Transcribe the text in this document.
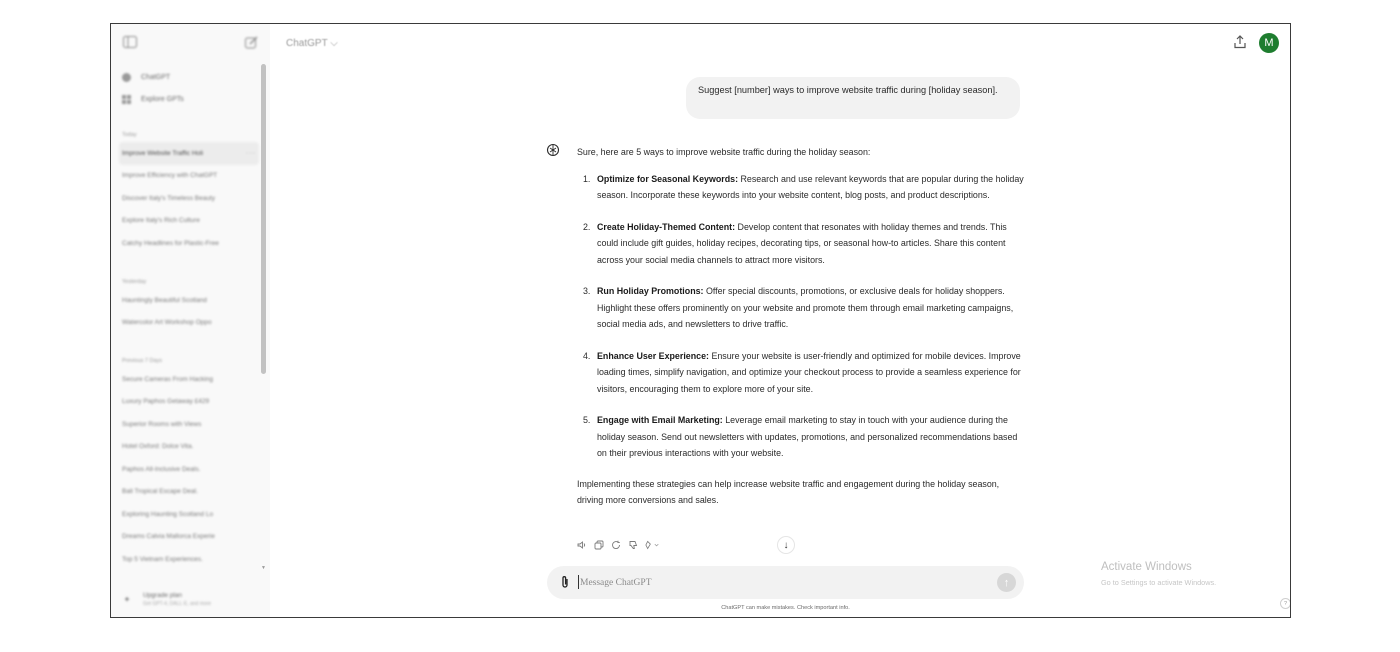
ChatGPT
Explore GPTs
Today
Improve Website Traffic Holi	···
Improve Efficiency with ChatGPT
Discover Italy's Timeless Beauty
Explore Italy's Rich Culture
Catchy Headlines for Plastic-Free
Yesterday
Hauntingly Beautiful Scotland
Watercolor Art Workshop Oppo
Previous 7 Days
Secure Cameras From Hacking
Luxury Paphos Getaway £429
Superior Rooms with Views
Hotel Oxford: Dolce Vita.
Paphos All-Inclusive Deals.
Bali Tropical Escape Deal.
Exploring Haunting Scotland Lo
Dreams Calvia Mallorca Experie
Top 5 Vietnam Experiences.
✦	Upgrade plan
Get GPT-4, DALL·E, and more
▼
ChatGPT ⌵	M
Suggest [number] ways to improve website traffic during [holiday season].
Sure, here are 5 ways to improve website traffic during the holiday season:
1. Optimize for Seasonal Keywords: Research and use relevant keywords that are popular during the holiday season. Incorporate these keywords into your website content, blog posts, and product descriptions.
2. Create Holiday-Themed Content: Develop content that resonates with holiday themes and trends. This could include gift guides, holiday recipes, decorating tips, or seasonal how-to articles. Share this content across your social media channels to attract more visitors.
3. Run Holiday Promotions: Offer special discounts, promotions, or exclusive deals for holiday shoppers. Highlight these offers prominently on your website and promote them through email marketing campaigns, social media ads, and newsletters to drive traffic.
4. Enhance User Experience: Ensure your website is user-friendly and optimized for mobile devices. Improve loading times, simplify navigation, and optimize your checkout process to provide a seamless experience for visitors, encouraging them to explore more of your site.
5. Engage with Email Marketing: Leverage email marketing to stay in touch with your audience during the holiday season. Send out newsletters with updates, promotions, and personalized recommendations based on their previous interactions with your website.
Implementing these strategies can help increase website traffic and engagement during the holiday season, driving more conversions and sales.
↓
Message ChatGPT
↑
ChatGPT can make mistakes. Check important info.
Activate Windows
Go to Settings to activate Windows.
?
